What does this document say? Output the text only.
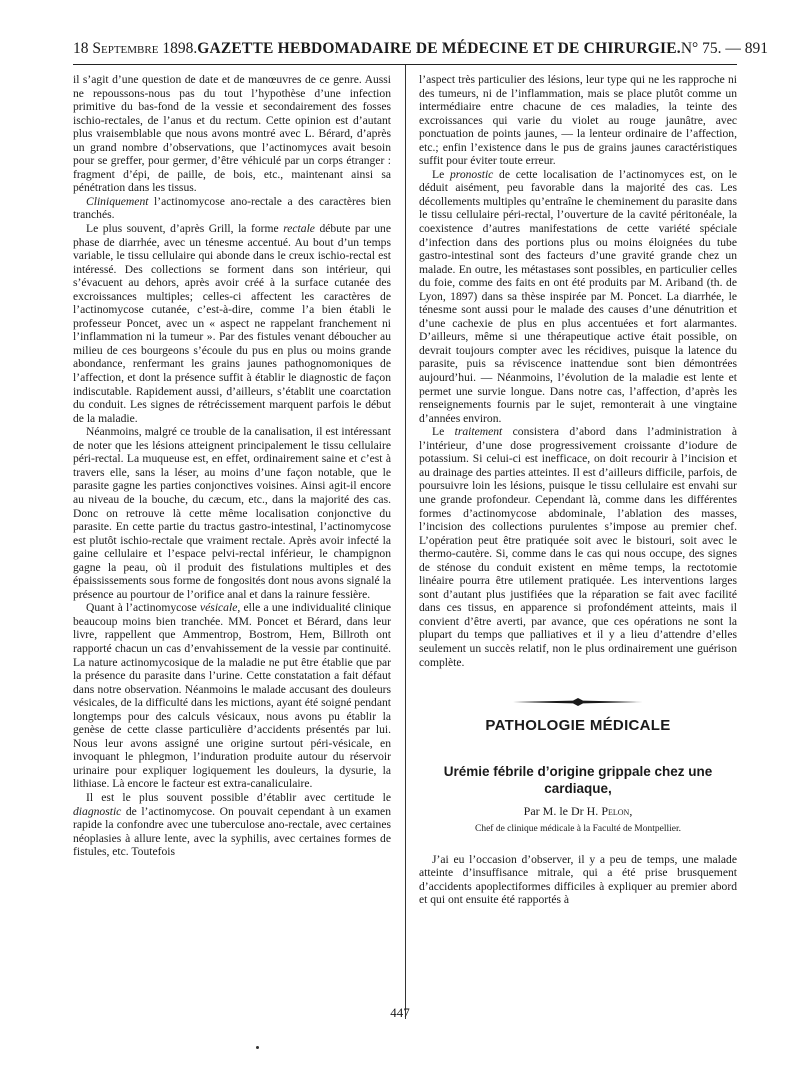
18 Septembre 1898. GAZETTE HEBDOMADAIRE DE MÉDECINE ET DE CHIRURGIE. N° 75. — 891

il s’agit d’une question de date et de manœuvres de ce genre. Aussi ne repoussons-nous pas du tout l’hypothèse d’une infection primitive du bas-fond de la vessie et secondairement des fosses ischio-rectales, de l’anus et du rectum. Cette opinion est d’autant plus vraisemblable que nous avons montré avec L. Bérard, d’après un grand nombre d’observations, que l’actinomyces avait besoin pour se greffer, pour germer, d’être véhiculé par un corps étranger : fragment d’épi, de paille, de bois, etc., maintenant ainsi sa pénétration dans les tissus.

Cliniquement l’actinomycose ano-rectale a des caractères bien tranchés.

Le plus souvent, d’après Grill, la forme rectale débute par une phase de diarrhée, avec un ténesme accentué. Au bout d’un temps variable, le tissu cellulaire qui abonde dans le creux ischio-rectal est intéressé. Des collections se forment dans son intérieur, qui s’évacuent au dehors, après avoir créé à la surface cutanée des excroissances multiples; celles-ci affectent les caractères de l’actinomycose cutanée, c’est-à-dire, comme l’a bien établi le professeur Poncet, avec un « aspect ne rappelant franchement ni l’inflammation ni la tumeur ». Par des fistules venant déboucher au milieu de ces bourgeons s’écoule du pus en plus ou moins grande abondance, renfermant les grains jaunes pathognomoniques de l’affection, et dont la présence suffit à établir le diagnostic de façon indiscutable. Rapidement aussi, d’ailleurs, s’établit une coarctation du conduit. Les signes de rétrécissement marquent parfois le début de la maladie.

Néanmoins, malgré ce trouble de la canalisation, il est intéressant de noter que les lésions atteignent principalement le tissu cellulaire péri-rectal. La muqueuse est, en effet, ordinairement saine et c’est à travers elle, sans la léser, au moins d’une façon notable, que le parasite gagne les parties conjonctives voisines. Ainsi agit-il encore au niveau de la bouche, du cæcum, etc., dans la majorité des cas. Donc on retrouve là cette même localisation conjonctive du parasite. En cette partie du tractus gastro-intestinal, l’actinomycose est plutôt ischio-rectale que vraiment rectale. Après avoir infecté la gaine cellulaire et l’espace pelvi-rectal inférieur, le champignon gagne la peau, où il produit des fistulations multiples et des épaississements sous forme de fongosités dont nous avons signalé la présence au pourtour de l’orifice anal et dans la rainure fessière.

Quant à l’actinomycose vésicale, elle a une individualité clinique beaucoup moins bien tranchée. MM. Poncet et Bérard, dans leur livre, rappellent que Ammentrop, Bostrom, Hem, Billroth ont rapporté chacun un cas d’envahissement de la vessie par continuité. La nature actinomycosique de la maladie ne put être établie que par la présence du parasite dans l’urine. Cette constatation a fait défaut dans notre observation. Néanmoins le malade accusant des douleurs vésicales, de la difficulté dans les mictions, ayant été soigné pendant longtemps pour des calculs vésicaux, nous avons pu établir la genèse de cette classe particulière d’accidents présentés par lui. Nous leur avons assigné une origine surtout péri-vésicale, en invoquant le phlegmon, l’induration produite autour du réservoir urinaire pour expliquer logiquement les douleurs, la dysurie, la lithiase. Là encore le facteur est extra-canaliculaire.

Il est le plus souvent possible d’établir avec certitude le diagnostic de l’actinomycose. On pouvait cependant à un examen rapide la confondre avec une tuberculose ano-rectale, avec certaines néoplasies à allure lente, avec la syphilis, avec certaines formes de fistules, etc. Toutefois

l’aspect très particulier des lésions, leur type qui ne les rapproche ni des tumeurs, ni de l’inflammation, mais se place plutôt comme un intermédiaire entre chacune de ces maladies, la teinte des excroissances qui varie du violet au rouge jaunâtre, avec ponctuation de points jaunes, — la lenteur ordinaire de l’affection, etc.; enfin l’existence dans le pus de grains jaunes caractéristiques suffit pour éviter toute erreur.

Le pronostic de cette localisation de l’actinomyces est, on le déduit aisément, peu favorable dans la majorité des cas. Les décollements multiples qu’entraîne le cheminement du parasite dans le tissu cellulaire péri-rectal, l’ouverture de la cavité péritonéale, la coexistence d’autres manifestations de cette variété spéciale d’infection dans des portions plus ou moins éloignées du tube gastro-intestinal sont des facteurs d’une gravité grande chez un malade. En outre, les métastases sont possibles, en particulier celles du foie, comme des faits en ont été produits par M. Ariband (th. de Lyon, 1897) dans sa thèse inspirée par M. Poncet. La diarrhée, le ténesme sont aussi pour le malade des causes d’une dénutrition et d’une cachexie de plus en plus accentuées et fort alarmantes. D’ailleurs, même si une thérapeutique active était possible, on devrait toujours compter avec les récidives, puisque la latence du parasite, puis sa réviscence inattendue sont bien démontrées aujourd’hui. — Néanmoins, l’évolution de la maladie est lente et permet une survie longue. Dans notre cas, l’affection, d’après les renseignements fournis par le sujet, remonterait à une vingtaine d’années environ.

Le traitement consistera d’abord dans l’administration à l’intérieur, d’une dose progressivement croissante d’iodure de potassium. Si celui-ci est inefficace, on doit recourir à l’incision et au drainage des parties atteintes. Il est d’ailleurs difficile, parfois, de poursuivre loin les lésions, puisque le tissu cellulaire est envahi sur une grande profondeur. Cependant là, comme dans les différentes formes d’actinomycose abdominale, l’ablation des masses, l’incision des collections purulentes s’impose au premier chef. L’opération peut être pratiquée soit avec le bistouri, soit avec le thermo-cautère. Si, comme dans le cas qui nous occupe, des signes de sténose du conduit existent en même temps, la rectotomie linéaire pourra être utilement pratiquée. Les interventions larges sont d’autant plus justifiées que la réparation se fait avec facilité dans ces tissus, en apparence si profondément atteints, mais il convient d’être averti, par avance, que ces opérations ne sont la plupart du temps que palliatives et il y a lieu d’attendre d’elles seulement un succès relatif, non le plus ordinairement une guérison complète.

PATHOLOGIE MÉDICALE
Urémie fébrile d’origine grippale chez une
cardiaque,
Par M. le Dr H. Pelon,
Chef de clinique médicale à la Faculté de Montpellier.

J’ai eu l’occasion d’observer, il y a peu de temps, une malade atteinte d’insuffisance mitrale, qui a été prise brusquement d’accidents apoplectiformes difficiles à expliquer au premier abord et qui ont ensuite été rapportés à

447
